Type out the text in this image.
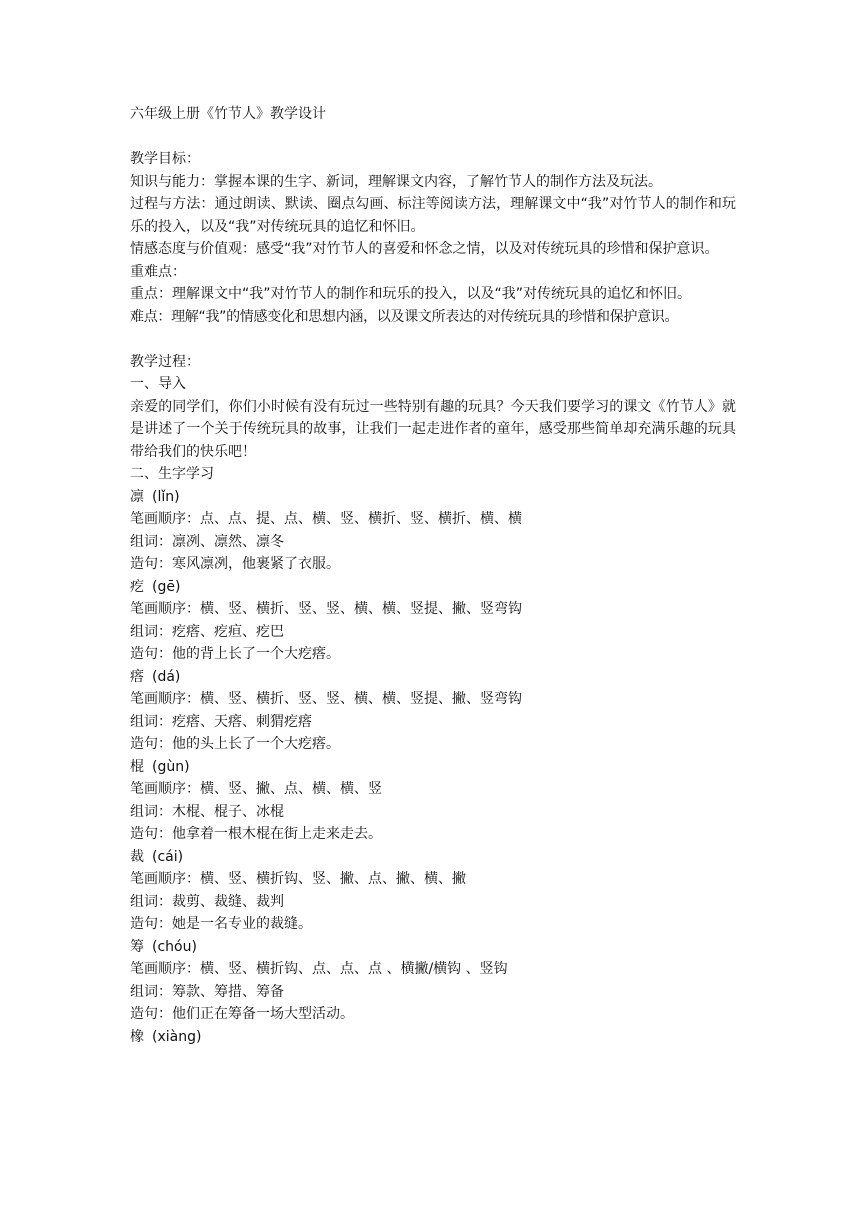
六年级上册《竹节人》教学设计
教学目标：
知识与能力：掌握本课的生字、新词，理解课文内容，了解竹节人的制作方法及玩法。
过程与方法：通过朗读、默读、圈点勾画、标注等阅读方法，理解课文中“我”对竹节人的制作和玩乐的投入，以及“我”对传统玩具的追忆和怀旧。
情感态度与价值观：感受“我”对竹节人的喜爱和怀念之情，以及对传统玩具的珍惜和保护意识。
重难点：
重点：理解课文中“我”对竹节人的制作和玩乐的投入，以及“我”对传统玩具的追忆和怀旧。
难点：理解“我”的情感变化和思想内涵，以及课文所表达的对传统玩具的珍惜和保护意识。
教学过程：
一、导入
亲爱的同学们，你们小时候有没有玩过一些特别有趣的玩具？今天我们要学习的课文《竹节人》就是讲述了一个关于传统玩具的故事，让我们一起走进作者的童年，感受那些简单却充满乐趣的玩具带给我们的快乐吧！
二、生字学习
凛 (lǐn)
笔画顺序：点、点、提、点、横、竖、横折、竖、横折、横、横
组词：凛冽、凛然、凛冬
造句：寒风凛冽，他裹紧了衣服。
疙 (gē)
笔画顺序：横、竖、横折、竖、竖、横、横、竖提、撇、竖弯钩
组词：疙瘩、疙疸、疙巴
造句：他的背上长了一个大疙瘩。
瘩 (dá)
笔画顺序：横、竖、横折、竖、竖、横、横、竖提、撇、竖弯钩
组词：疙瘩、天瘩、刺猬疙瘩
造句：他的头上长了一个大疙瘩。
棍 (gùn)
笔画顺序：横、竖、撇、点、横、横、竖
组词：木棍、棍子、冰棍
造句：他拿着一根木棍在街上走来走去。
裁 (cái)
笔画顺序：横、竖、横折钩、竖、撇、点、撇、横、撇
组词：裁剪、裁缝、裁判
造句：她是一名专业的裁缝。
筹 (chóu)
笔画顺序：横、竖、横折钩、点、点、点 、横撇/横钩 、竖钩
组词：筹款、筹措、筹备
造句：他们正在筹备一场大型活动。
橡 (xiàng)
